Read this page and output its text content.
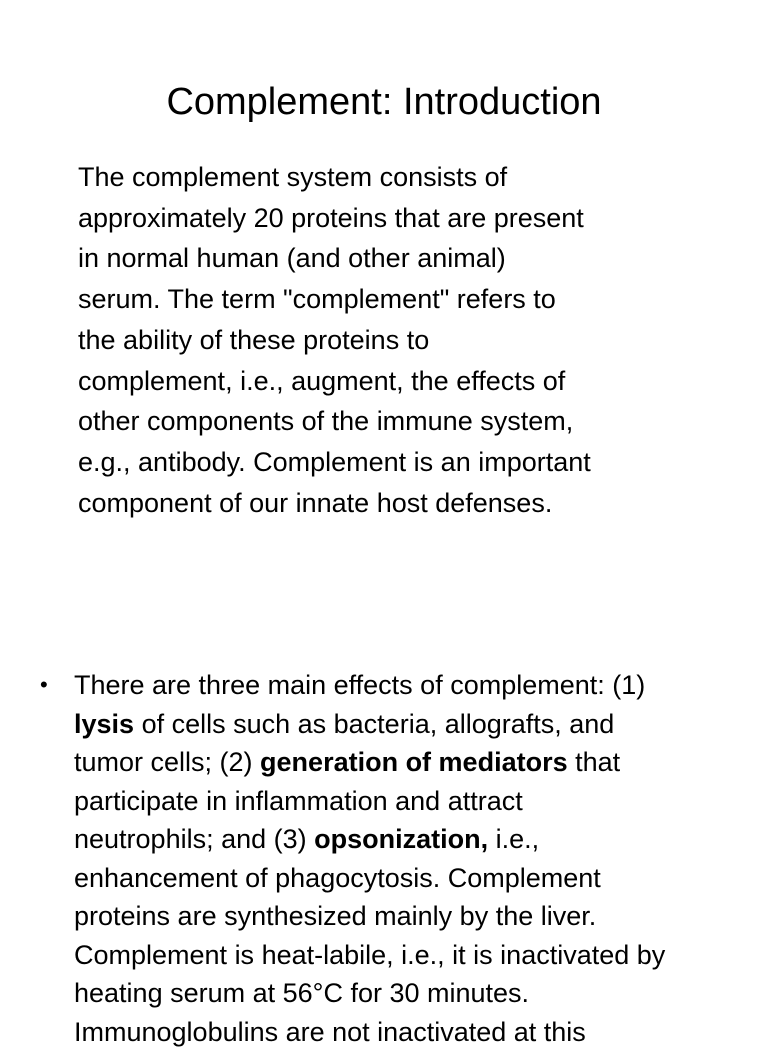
Complement: Introduction

The complement system consists of
approximately 20 proteins that are present
in normal human (and other animal)
serum. The term "complement" refers to
the ability of these proteins to
complement, i.e., augment, the effects of
other components of the immune system,
e.g., antibody. Complement is an important
component of our innate host defenses.

• There are three main effects of complement: (1)
lysis of cells such as bacteria, allografts, and
tumor cells; (2) generation of mediators that
participate in inflammation and attract
neutrophils; and (3) opsonization, i.e.,
enhancement of phagocytosis. Complement
proteins are synthesized mainly by the liver.
Complement is heat-labile, i.e., it is inactivated by
heating serum at 56°C for 30 minutes.
Immunoglobulins are not inactivated at this
